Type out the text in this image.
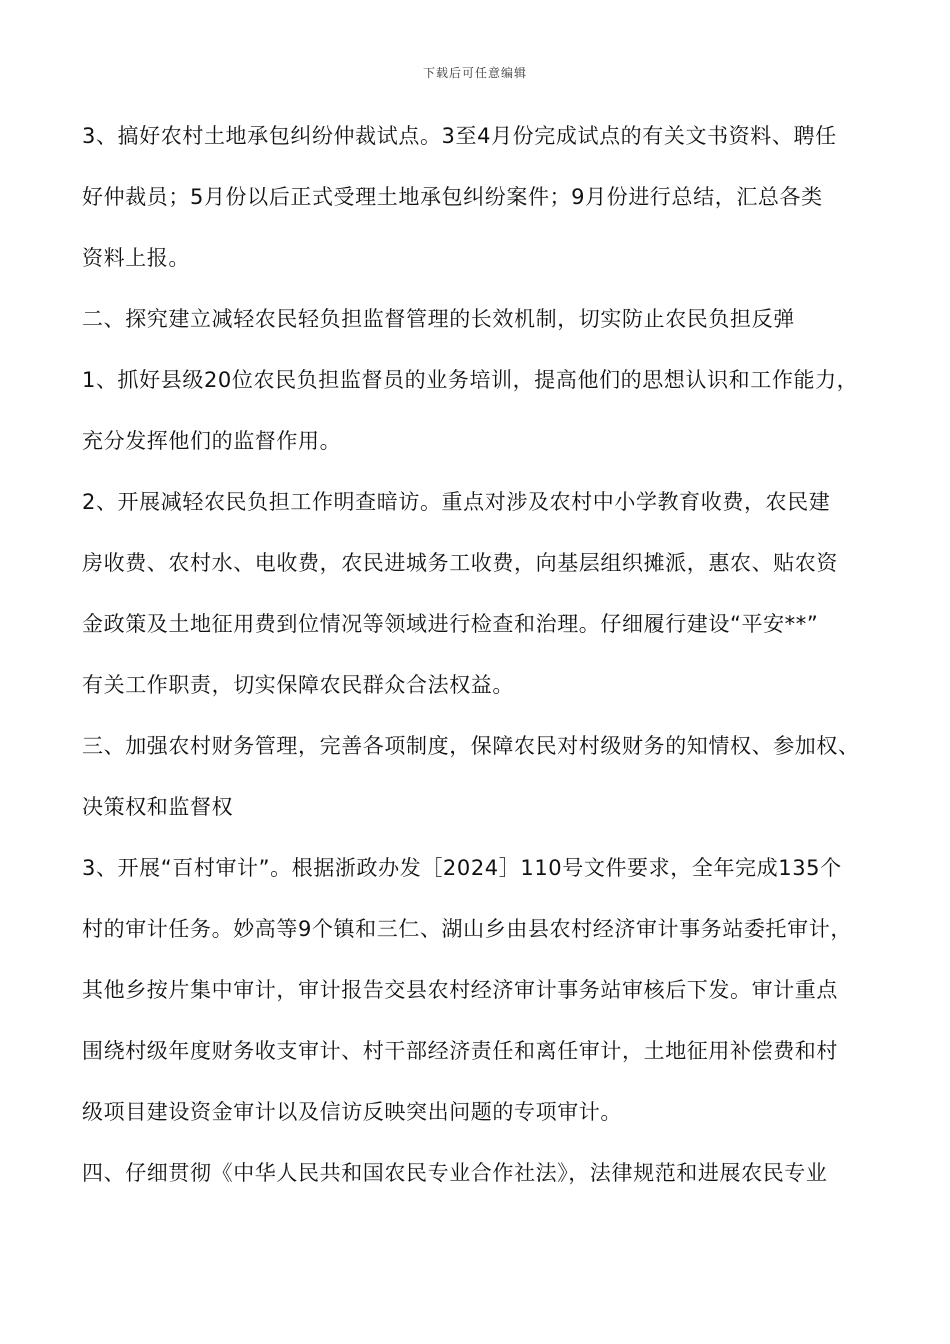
下载后可任意编辑
3、搞好农村土地承包纠纷仲裁试点。3至4月份完成试点的有关文书资料、聘任
好仲裁员；5月份以后正式受理土地承包纠纷案件；9月份进行总结，汇总各类
资料上报。
二、探究建立减轻农民轻负担监督管理的长效机制，切实防止农民负担反弹
1、抓好县级20位农民负担监督员的业务培训，提高他们的思想认识和工作能力，
充分发挥他们的监督作用。
2、开展减轻农民负担工作明查暗访。重点对涉及农村中小学教育收费，农民建
房收费、农村水、电收费，农民进城务工收费，向基层组织摊派，惠农、贴农资
金政策及土地征用费到位情况等领域进行检查和治理。仔细履行建设“平安**”
有关工作职责，切实保障农民群众合法权益。
三、加强农村财务管理，完善各项制度，保障农民对村级财务的知情权、参加权、
决策权和监督权
3、开展“百村审计”。根据浙政办发［2024］110号文件要求，全年完成135个
村的审计任务。妙高等9个镇和三仁、湖山乡由县农村经济审计事务站委托审计，
其他乡按片集中审计，审计报告交县农村经济审计事务站审核后下发。审计重点
围绕村级年度财务收支审计、村干部经济责任和离任审计，土地征用补偿费和村
级项目建设资金审计以及信访反映突出问题的专项审计。
四、仔细贯彻《中华人民共和国农民专业合作社法》，法律规范和进展农民专业
